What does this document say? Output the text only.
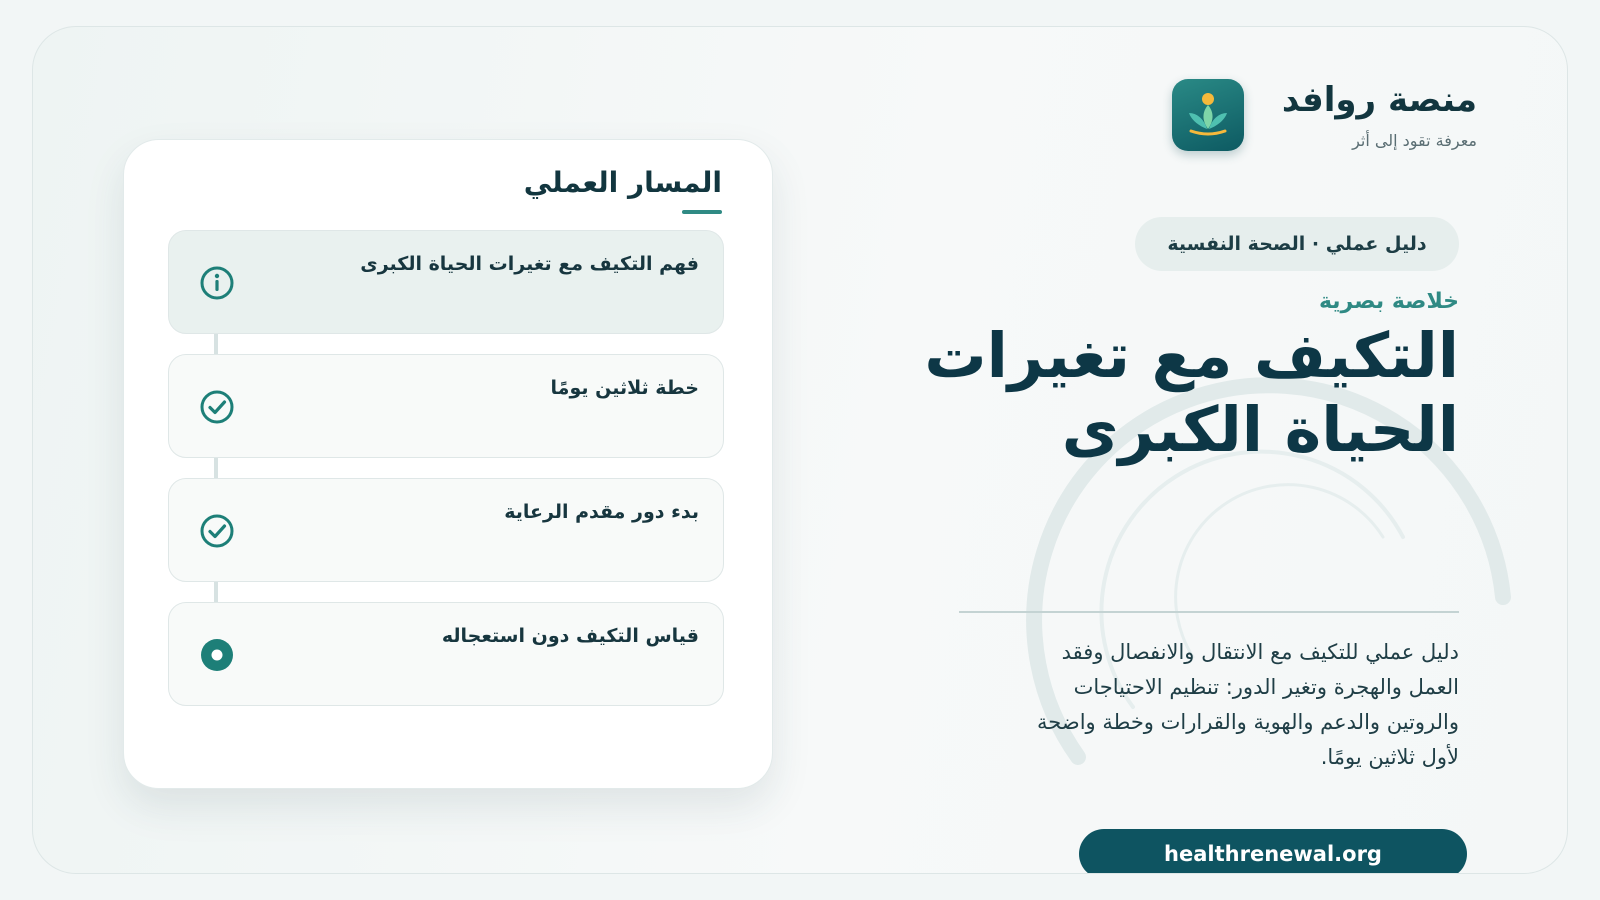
منصة روافد
معرفة تقود إلى أثر
دليل عملي · الصحة النفسية
خلاصة بصرية
التكيف مع تغيرات
الحياة الكبرى
دليل عملي للتكيف مع الانتقال والانفصال وفقد العمل والهجرة وتغير الدور: تنظيم الاحتياجات والروتين والدعم والهوية والقرارات وخطة واضحة لأول ثلاثين يومًا.
healthrenewal.org
المسار العملي
فهم التكيف مع تغيرات الحياة الكبرى
خطة ثلاثين يومًا
بدء دور مقدم الرعاية
قياس التكيف دون استعجاله
